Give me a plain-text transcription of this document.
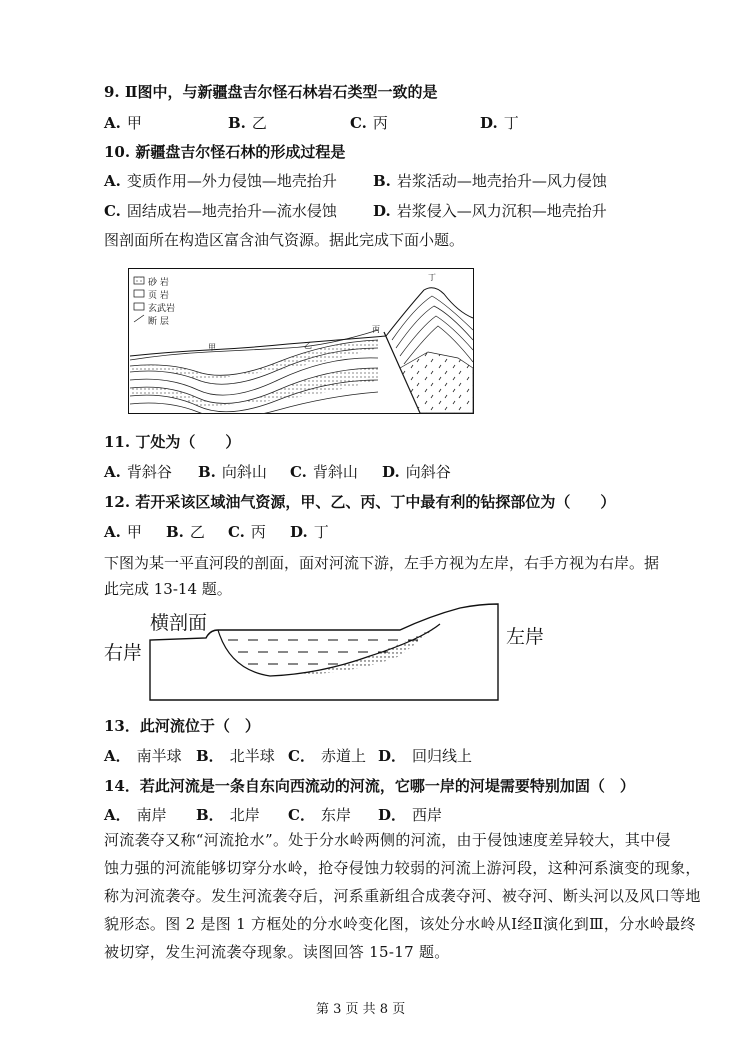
9. Ⅱ图中，与新疆盘吉尔怪石林岩石类型一致的是
A. 甲	B. 乙	C. 丙	D. 丁
10. 新疆盘吉尔怪石林的形成过程是
A. 变质作用—外力侵蚀—地壳抬升 B. 岩浆活动—地壳抬升—风力侵蚀
C. 固结成岩—地壳抬升—流水侵蚀 D. 岩浆侵入—风力沉积—地壳抬升
图剖面所在构造区富含油气资源。据此完成下面小题。
砂 岩
页 岩
玄武岩
断 层
甲	乙
丙
丁
11. 丁处为（　　）
A. 背斜谷 B. 向斜山 C. 背斜山 D. 向斜谷
12. 若开采该区域油气资源，甲、乙、丙、丁中最有利的钻探部位为（　　）
A. 甲 B. 乙 C. 丙 D. 丁
下图为某一平直河段的剖面，面对河流下游，左手方视为左岸，右手方视为右岸。据
此完成 13-14 题。
横剖面
右岸
左岸
13．此河流位于（　）
A． 南半球 B． 北半球 C． 赤道上 D． 回归线上
14．若此河流是一条自东向西流动的河流，它哪一岸的河堤需要特别加固（　）
A． 南岸 B． 北岸 C． 东岸 D． 西岸
河流袭夺又称“河流抢水”。处于分水岭两侧的河流，由于侵蚀速度差异较大，其中侵
蚀力强的河流能够切穿分水岭，抢夺侵蚀力较弱的河流上游河段，这种河系演变的现象，
称为河流袭夺。发生河流袭夺后，河系重新组合成袭夺河、被夺河、断头河以及风口等地
貌形态。图 2 是图 1 方框处的分水岭变化图，该处分水岭从Ⅰ经Ⅱ演化到Ⅲ，分水岭最终
被切穿，发生河流袭夺现象。读图回答 15-17 题。
第 3 页 共 8 页
